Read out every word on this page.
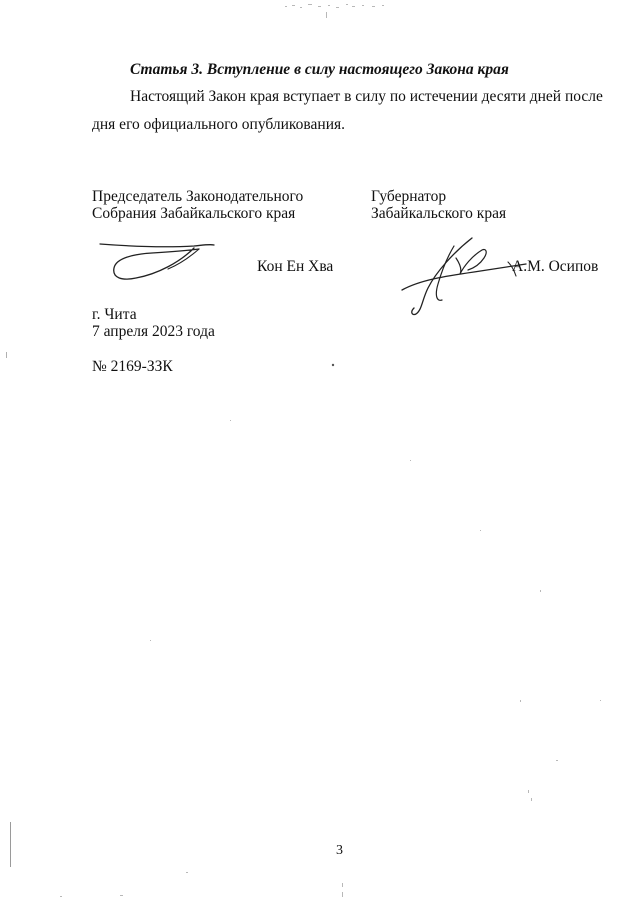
Статья 3. Вступление в силу настоящего Закона края
Настоящий Закон края вступает в силу по истечении десяти дней после
дня его официального опубликования.
Председатель Законодательного
Собрания Забайкальского края
Губернатор
Забайкальского края
Кон Ен Хва	А.М. Осипов
г. Чита
7 апреля 2023 года
№ 2169-ЗЗК
3
